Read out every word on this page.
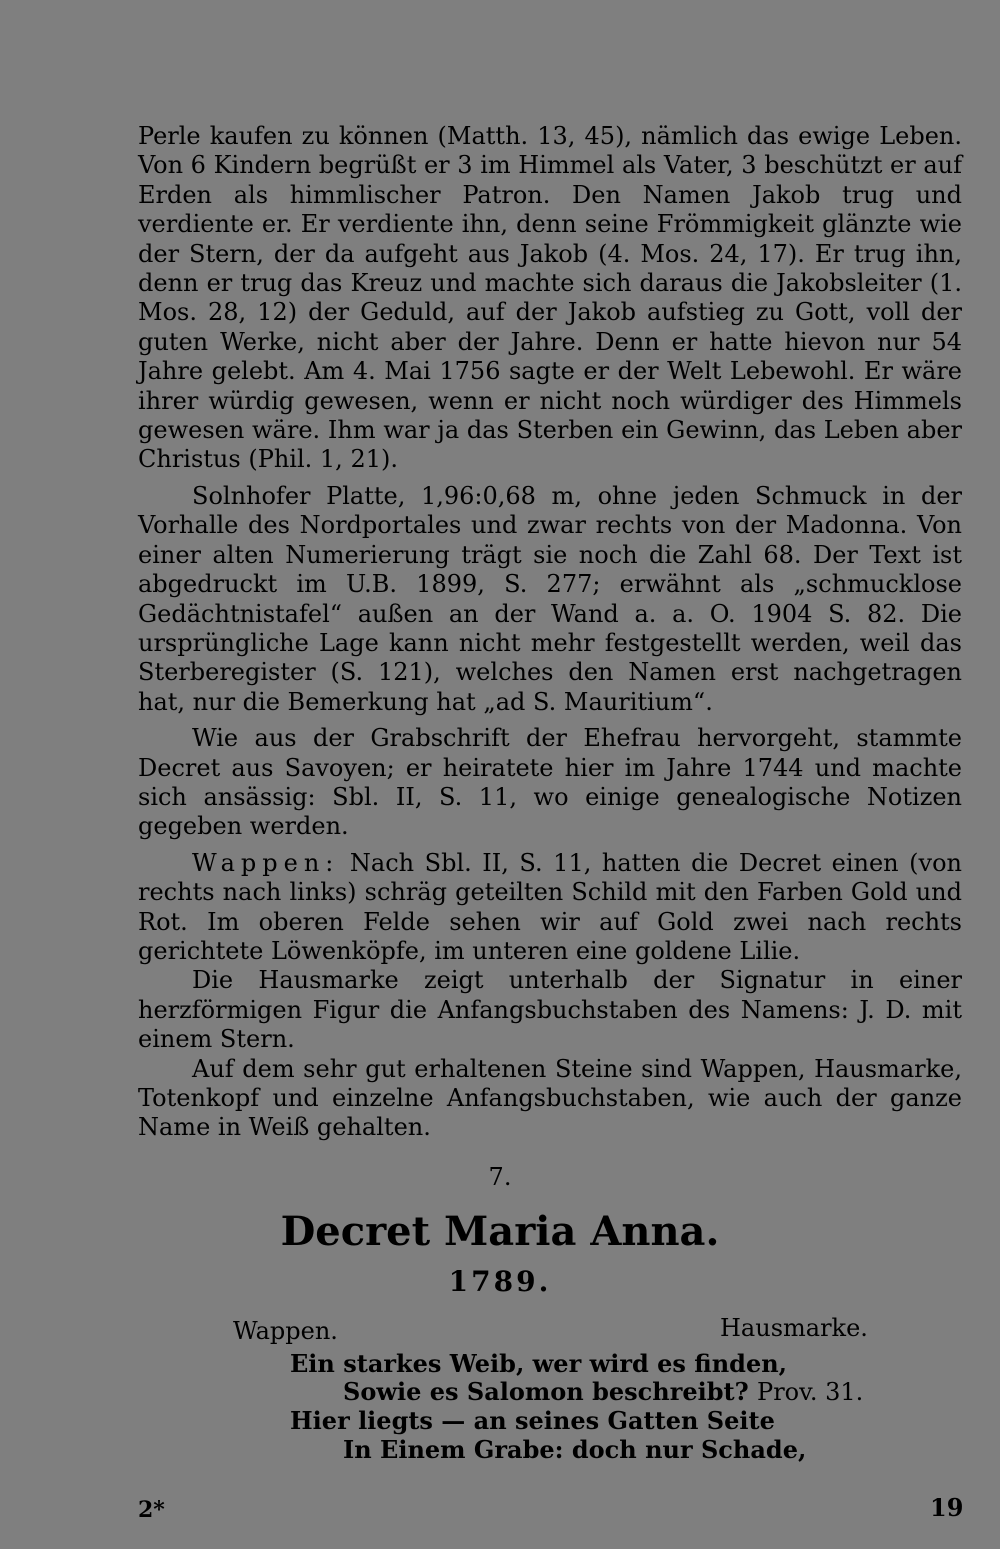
Perle kaufen zu können (Matth. 13, 45), nämlich das ewige Leben. Von 6 Kindern begrüßt er 3 im Himmel als Vater, 3 beschützt er auf Erden als himmlischer Patron. Den Namen Jakob trug und verdiente er. Er verdiente ihn, denn seine Frömmigkeit glänzte wie der Stern, der da aufgeht aus Jakob (4. Mos. 24, 17). Er trug ihn, denn er trug das Kreuz und machte sich daraus die Jakobsleiter (1. Mos. 28, 12) der Geduld, auf der Jakob aufstieg zu Gott, voll der guten Werke, nicht aber der Jahre. Denn er hatte hievon nur 54 Jahre gelebt. Am 4. Mai 1756 sagte er der Welt Lebewohl. Er wäre ihrer würdig gewesen, wenn er nicht noch würdiger des Himmels gewesen wäre. Ihm war ja das Sterben ein Gewinn, das Leben aber Christus (Phil. 1, 21).

Solnhofer Platte, 1,96:0,68 m, ohne jeden Schmuck in der Vorhalle des Nordportales und zwar rechts von der Madonna. Von einer alten Numerierung trägt sie noch die Zahl 68. Der Text ist abgedruckt im U.B. 1899, S. 277; erwähnt als „schmucklose Gedächtnistafel“ außen an der Wand a. a. O. 1904 S. 82. Die ursprüngliche Lage kann nicht mehr festgestellt werden, weil das Sterberegister (S. 121), welches den Namen erst nachgetragen hat, nur die Bemerkung hat „ad S. Mauritium“.

Wie aus der Grabschrift der Ehefrau hervorgeht, stammte Decret aus Savoyen; er heiratete hier im Jahre 1744 und machte sich ansässig: Sbl. II, S. 11, wo einige genealogische Notizen gegeben werden.

Wappen: Nach Sbl. II, S. 11, hatten die Decret einen (von rechts nach links) schräg geteilten Schild mit den Farben Gold und Rot. Im oberen Felde sehen wir auf Gold zwei nach rechts gerichtete Löwenköpfe, im unteren eine goldene Lilie.

Die Hausmarke zeigt unterhalb der Signatur in einer herzförmigen Figur die Anfangsbuchstaben des Namens: J. D. mit einem Stern.

Auf dem sehr gut erhaltenen Steine sind Wappen, Hausmarke, Totenkopf und einzelne Anfangsbuchstaben, wie auch der ganze Name in Weiß gehalten.

7.
Decret Maria Anna.
1789.
Wappen.	Hausmarke.
Ein starkes Weib, wer wird es finden,
Sowie es Salomon beschreibt? Prov. 31.
Hier liegts — an seines Gatten Seite
In Einem Grabe: doch nur Schade,
2*	19
